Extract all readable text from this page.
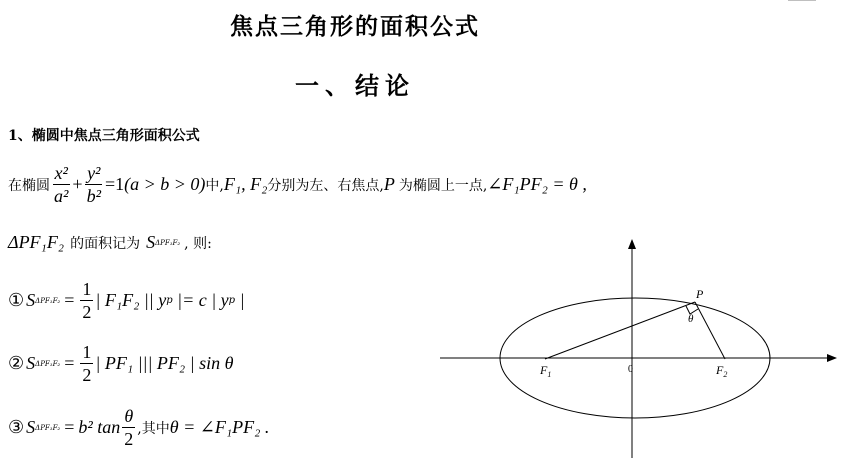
焦点三角形的面积公式
一、结论
1、椭圆中焦点三角形面积公式
在椭圆 $\frac{\text{x²}}{\text{a²}} + \frac{\text{y²}}{\text{b²}} =1$ (a > b > 0) 中, F₁, F₂ 分别为左、右焦点, P 为椭圆上一点, ∠F₁PF₂ = θ ,
ΔPF₁F₂ 的面积记为 S ΔPF₁F₂ , 则:
① S $\Delta PF_1F_2 = \frac{1}{2}$ | F₁F₂ || y p |= c | y p |
② S $\Delta PF_1F_2 = \frac{1}{2}$ | PF₁ ||| PF₂ | sin θ
③ S ΔPF₁F₂ = b² $\tan \frac{\theta}{2}$ ,其中 θ = ∠F₁PF₂ .
P
θ
$F_1$	$F_2$
0
